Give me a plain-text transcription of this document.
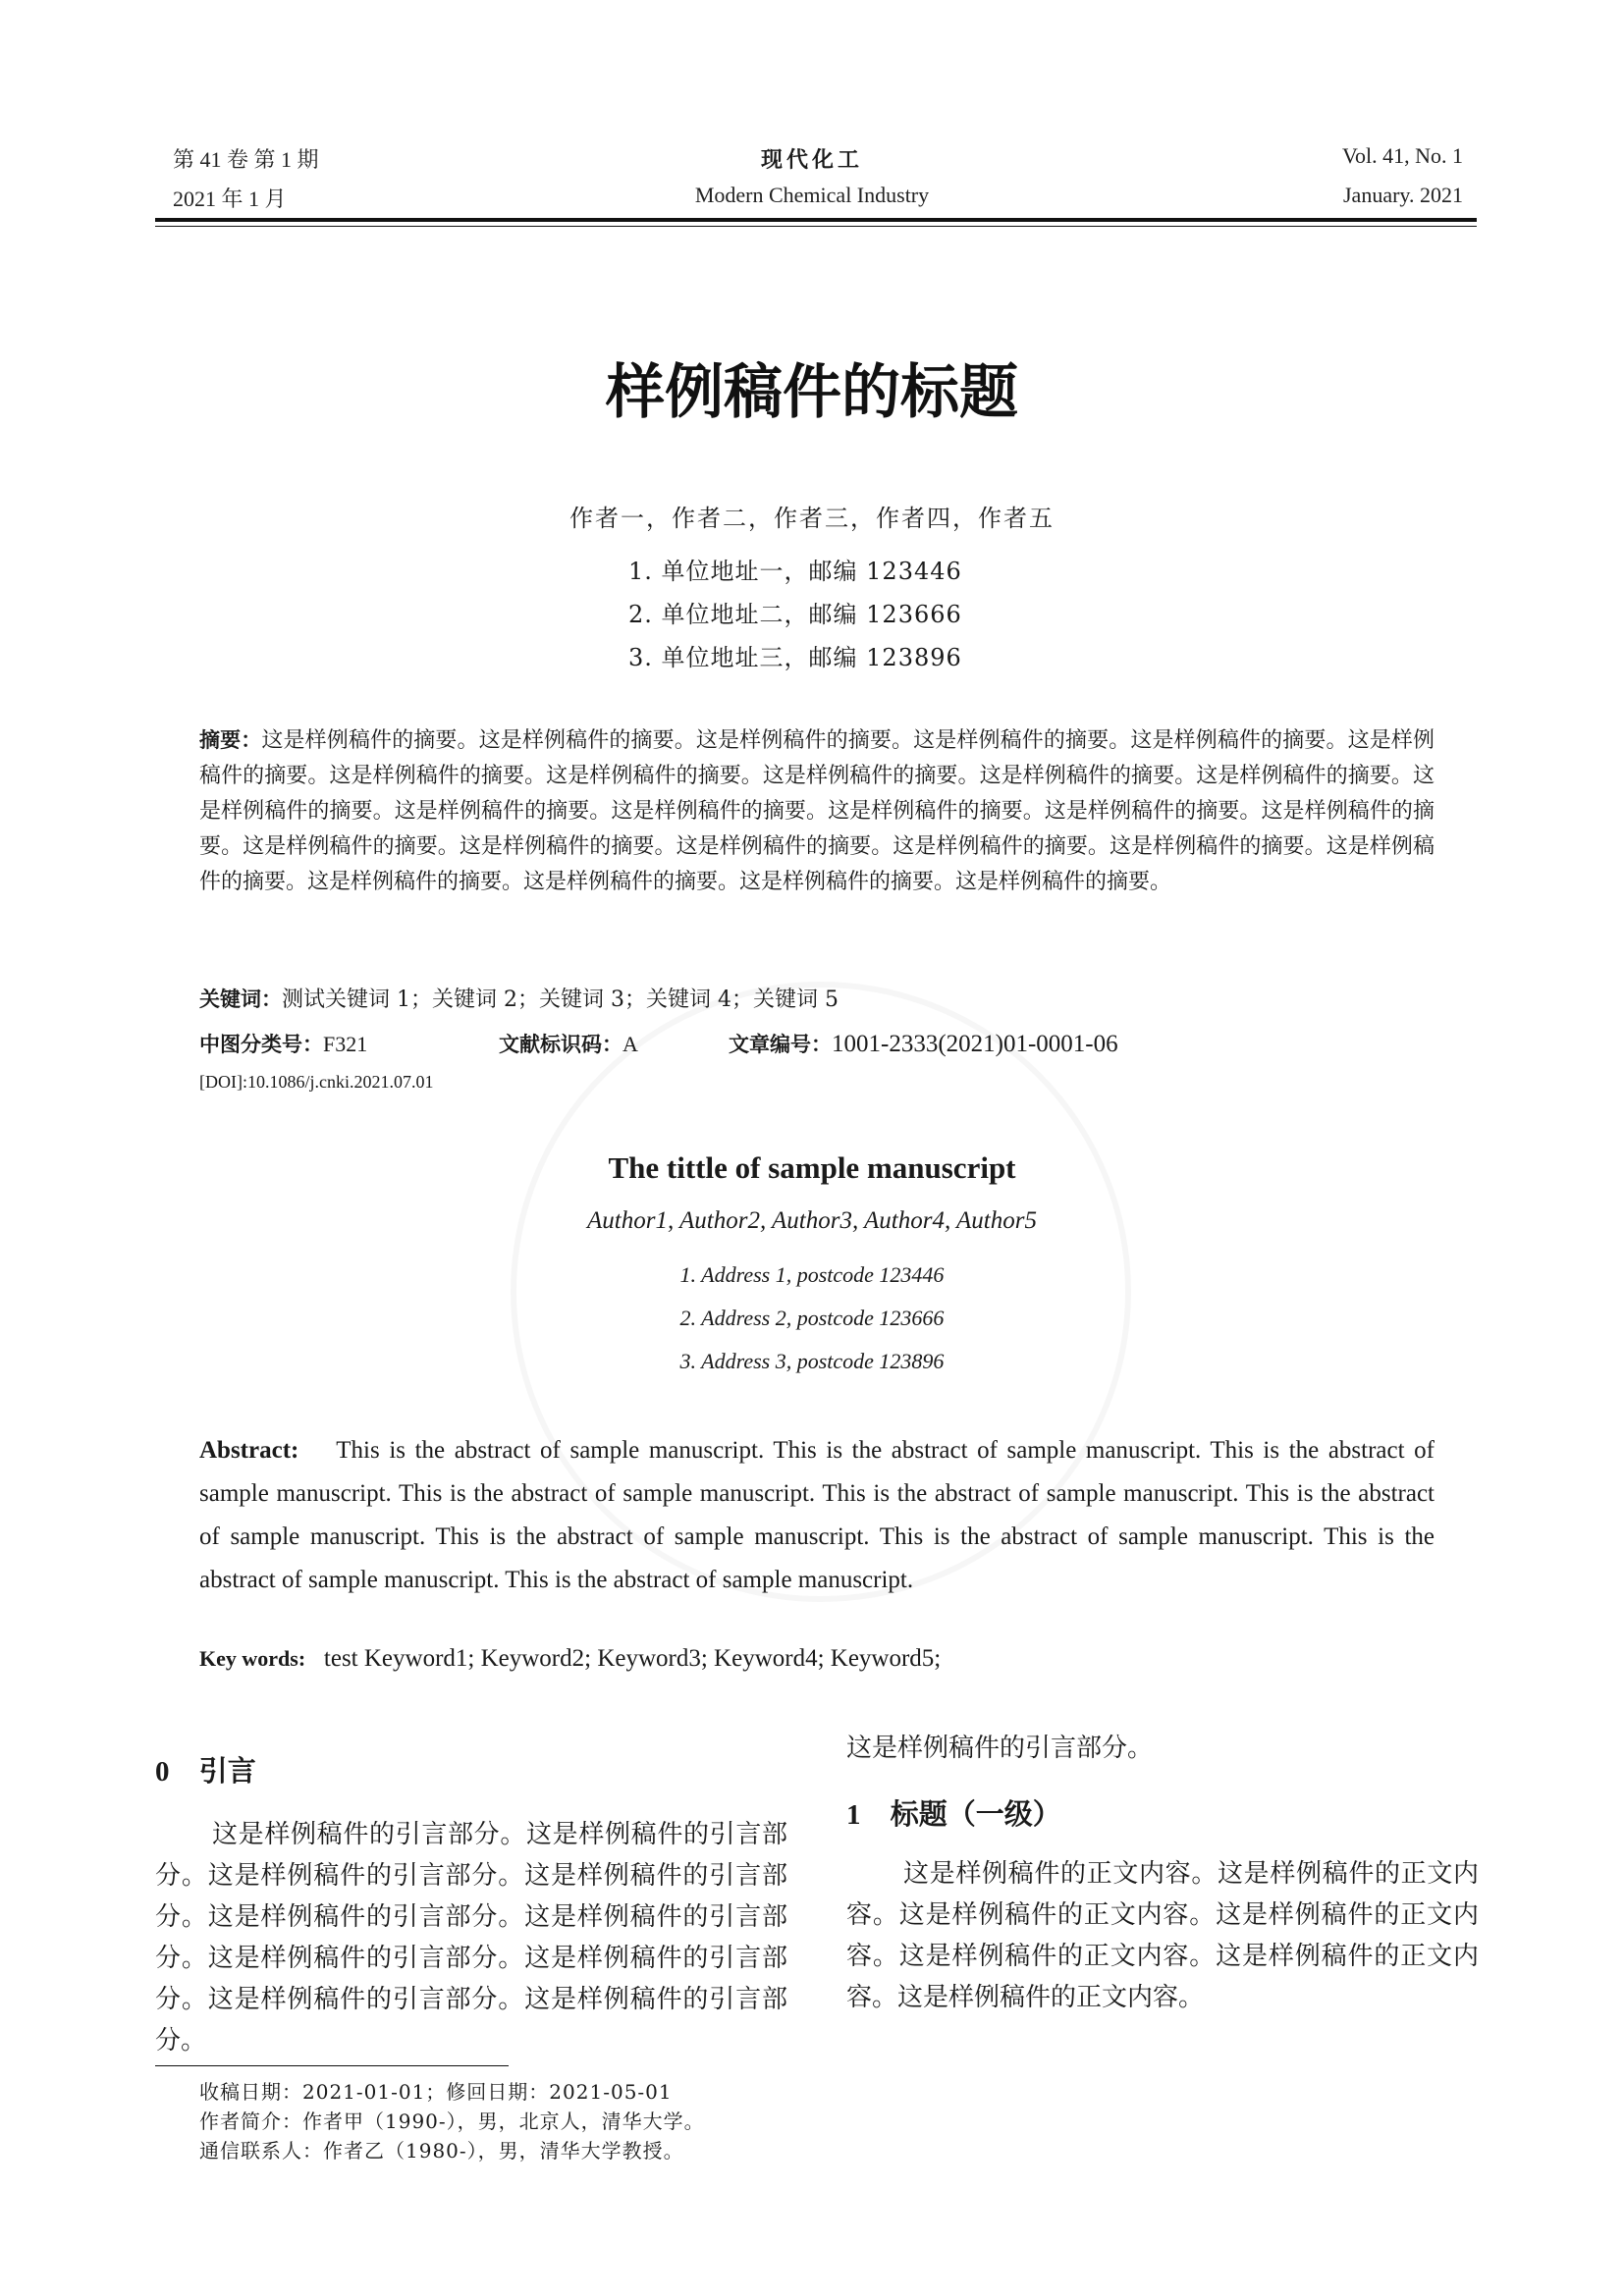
第 41 卷 第 1 期
2021 年 1 月
现代化工
Modern Chemical Industry
Vol. 41, No. 1
January. 2021
样例稿件的标题
作者一，作者二，作者三，作者四，作者五
1. 单位地址一，邮编 123446
2. 单位地址二，邮编 123666
3. 单位地址三，邮编 123896
摘要：这是样例稿件的摘要。这是样例稿件的摘要。这是样例稿件的摘要。这是样例稿件的摘要。这是样例稿件的摘要。这是样例稿件的摘要。这是样例稿件的摘要。这是样例稿件的摘要。这是样例稿件的摘要。这是样例稿件的摘要。这是样例稿件的摘要。这是样例稿件的摘要。这是样例稿件的摘要。这是样例稿件的摘要。这是样例稿件的摘要。这是样例稿件的摘要。这是样例稿件的摘要。这是样例稿件的摘要。这是样例稿件的摘要。这是样例稿件的摘要。这是样例稿件的摘要。这是样例稿件的摘要。这是样例稿件的摘要。这是样例稿件的摘要。这是样例稿件的摘要。这是样例稿件的摘要。这是样例稿件的摘要。
关键词：测试关键词 1；关键词 2；关键词 3；关键词 4；关键词 5
中图分类号：F321	文献标识码：A	文章编号：1001-2333(2021)01-0001-06
[DOI]:10.1086/j.cnki.2021.07.01
The tittle of sample manuscript
Author1, Author2, Author3, Author4, Author5
1. Address 1, postcode 123446
2. Address 2, postcode 123666
3. Address 3, postcode 123896
Abstract: This is the abstract of sample manuscript. This is the abstract of sample manuscript. This is the abstract of sample manuscript. This is the abstract of sample manuscript. This is the abstract of sample manuscript. This is the abstract of sample manuscript. This is the abstract of sample manuscript. This is the abstract of sample manuscript. This is the abstract of sample manuscript. This is the abstract of sample manuscript.
Key words: test Keyword1; Keyword2; Keyword3; Keyword4; Keyword5;
0 引言
这是样例稿件的引言部分。这是样例稿件的引言部分。这是样例稿件的引言部分。这是样例稿件的引言部分。这是样例稿件的引言部分。这是样例稿件的引言部分。这是样例稿件的引言部分。这是样例稿件的引言部分。这是样例稿件的引言部分。这是样例稿件的引言部分。
这是样例稿件的引言部分。
1 标题（一级）
这是样例稿件的正文内容。这是样例稿件的正文内容。这是样例稿件的正文内容。这是样例稿件的正文内容。这是样例稿件的正文内容。这是样例稿件的正文内容。这是样例稿件的正文内容。
收稿日期：2021-01-01；修回日期：2021-05-01
作者简介：作者甲（1990-），男，北京人，清华大学。
通信联系人：作者乙（1980-），男，清华大学教授。
